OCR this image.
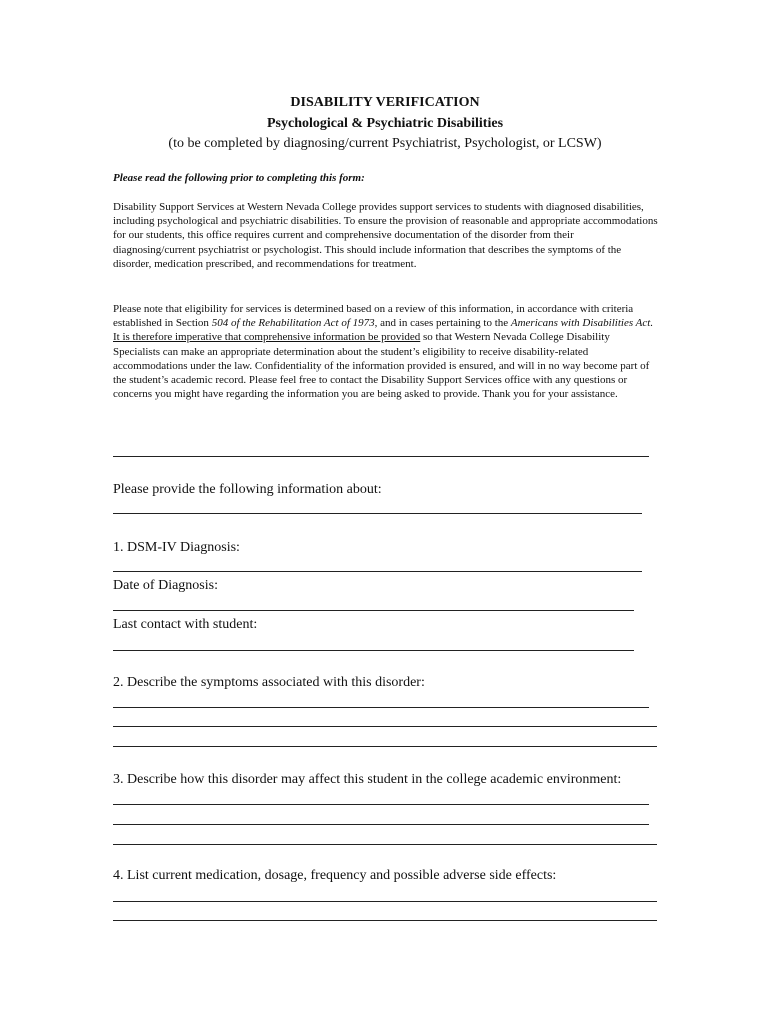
DISABILITY VERIFICATION
Psychological & Psychiatric Disabilities
(to be completed by diagnosing/current Psychiatrist, Psychologist, or LCSW)
Please read the following prior to completing this form:
Disability Support Services at Western Nevada College provides support services to students with diagnosed disabilities, including psychological and psychiatric disabilities. To ensure the provision of reasonable and appropriate accommodations for our students, this office requires current and comprehensive documentation of the disorder from their diagnosing/current psychiatrist or psychologist. This should include information that describes the symptoms of the disorder, medication prescribed, and recommendations for treatment.
Please note that eligibility for services is determined based on a review of this information, in accordance with criteria established in Section 504 of the Rehabilitation Act of 1973, and in cases pertaining to the Americans with Disabilities Act. It is therefore imperative that comprehensive information be provided so that Western Nevada College Disability Specialists can make an appropriate determination about the student’s eligibility to receive disability-related accommodations under the law. Confidentiality of the information provided is ensured, and will in no way become part of the student’s academic record. Please feel free to contact the Disability Support Services office with any questions or concerns you might have regarding the information you are being asked to provide. Thank you for your assistance.
Please provide the following information about:
1. DSM-IV Diagnosis:
Date of Diagnosis:
Last contact with student:
2. Describe the symptoms associated with this disorder:
3. Describe how this disorder may affect this student in the college academic environment:
4. List current medication, dosage, frequency and possible adverse side effects:
